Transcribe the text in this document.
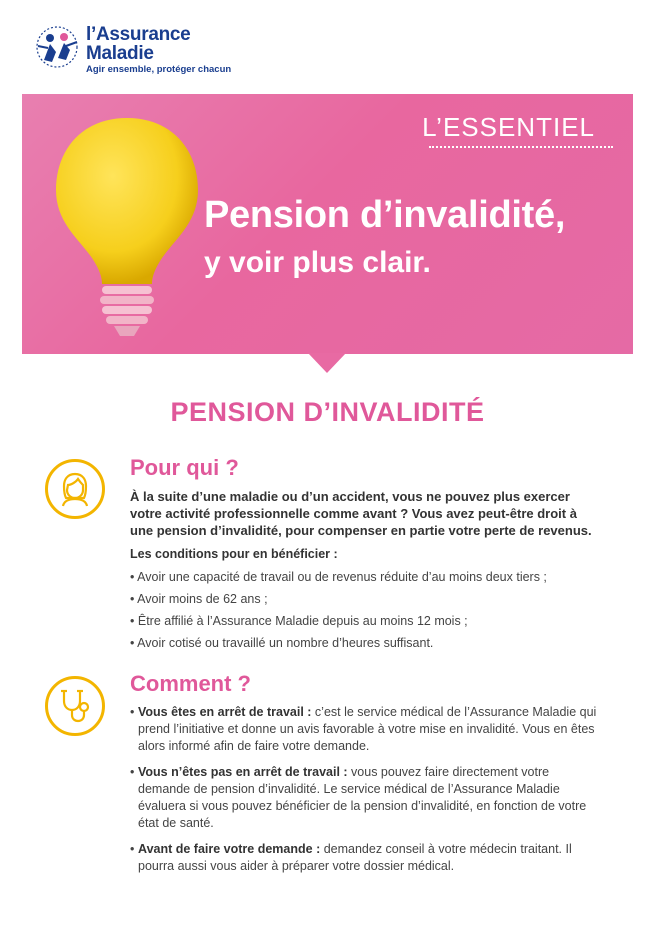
l’Assurance
Maladie
Agir ensemble, protéger chacun
L’ESSENTIEL
Pension d’invalidité,
y voir plus clair.
PENSION D’INVALIDITÉ
Pour qui ?
À la suite d’une maladie ou d’un accident, vous ne pouvez plus exercer votre activité professionnelle comme avant ? Vous avez peut-être droit à une pension d’invalidité, pour compenser en partie votre perte de revenus.
Les conditions pour en bénéficier :
• Avoir une capacité de travail ou de revenus réduite d’au moins deux tiers ;
• Avoir moins de 62 ans ;
• Être affilié à l’Assurance Maladie depuis au moins 12 mois ;
• Avoir cotisé ou travaillé un nombre d’heures suffisant.
Comment ?
• Vous êtes en arrêt de travail : c’est le service médical de l’Assurance Maladie qui prend l’initiative et donne un avis favorable à votre mise en invalidité. Vous en êtes alors informé afin de faire votre demande.
• Vous n’êtes pas en arrêt de travail : vous pouvez faire directement votre demande de pension d’invalidité. Le service médical de l’Assurance Maladie évaluera si vous pouvez bénéficier de la pension d’invalidité, en fonction de votre état de santé.
• Avant de faire votre demande : demandez conseil à votre médecin traitant. Il pourra aussi vous aider à préparer votre dossier médical.
